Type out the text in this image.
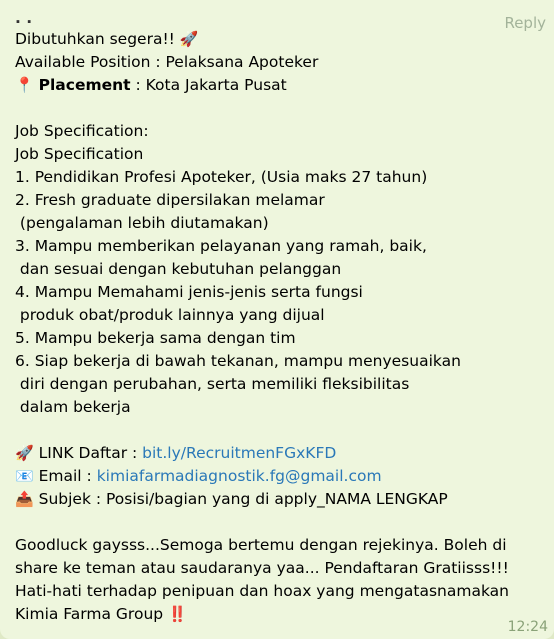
Reply
. .
Dibutuhkan segera!! 🚀
Available Position : Pelaksana Apoteker
📍 Placement : Kota Jakarta Pusat
Job Specification:
Job Specification
1. Pendidikan Profesi Apoteker, (Usia maks 27 tahun)
2. Fresh graduate dipersilakan melamar
(pengalaman lebih diutamakan)
3. Mampu memberikan pelayanan yang ramah, baik,
dan sesuai dengan kebutuhan pelanggan
4. Mampu Memahami jenis-jenis serta fungsi
produk obat/produk lainnya yang dijual
5. Mampu bekerja sama dengan tim
6. Siap bekerja di bawah tekanan, mampu menyesuaikan
diri dengan perubahan, serta memiliki fleksibilitas
dalam bekerja
🚀 LINK Daftar : bit.ly/RecruitmenFGxKFD
📧 Email : kimiafarmadiagnostik.fg@gmail.com
📤 Subjek : Posisi/bagian yang di apply_NAMA LENGKAP
Goodluck gaysss...Semoga bertemu dengan rejekinya. Boleh di
share ke teman atau saudaranya yaa... Pendaftaran Gratiisss!!!
Hati-hati terhadap penipuan dan hoax yang mengatasnamakan
Kimia Farma Group ‼️
12:24
